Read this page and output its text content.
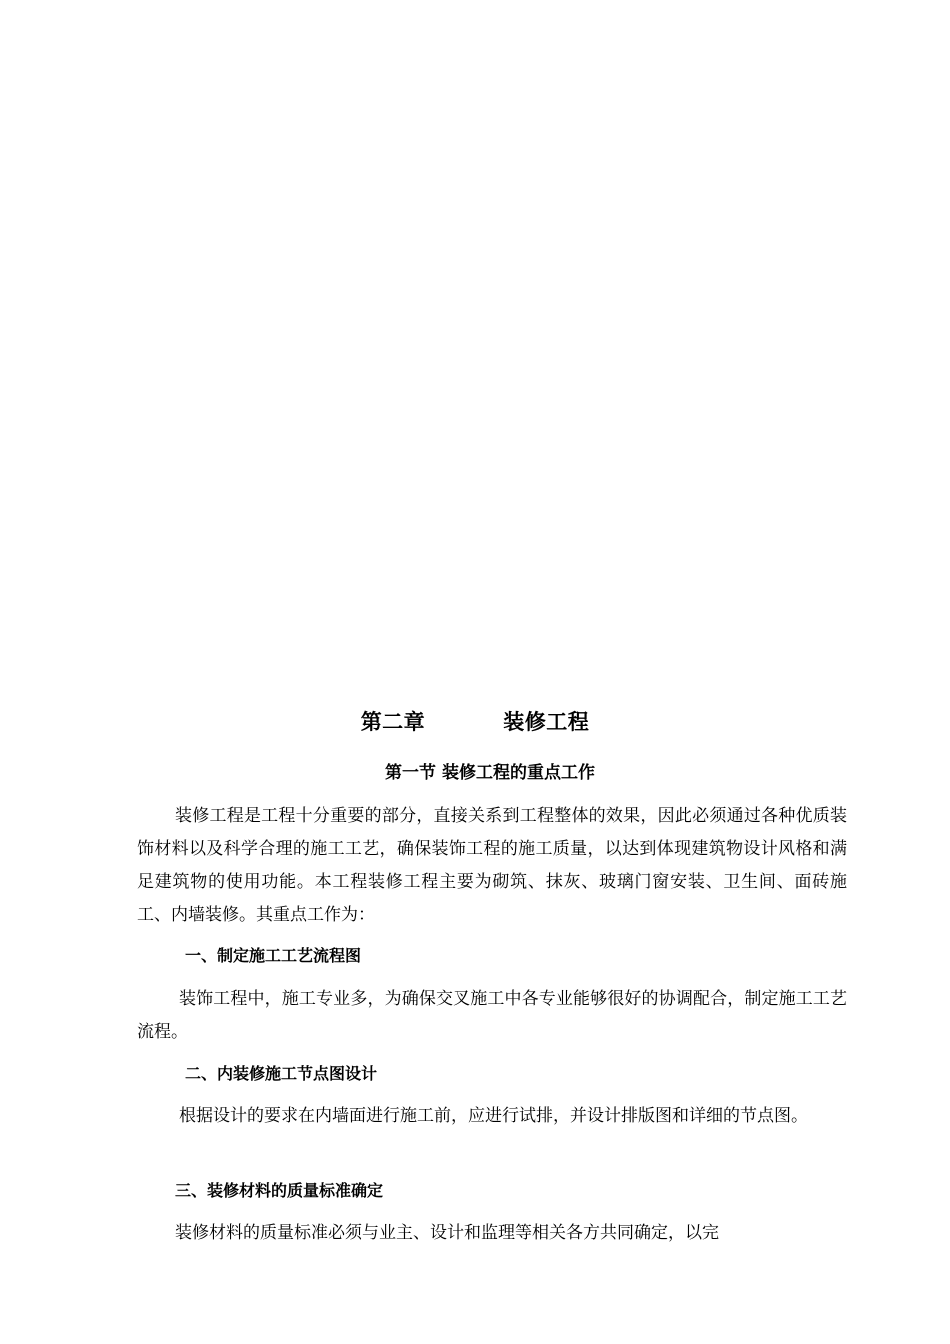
第二章          装修工程
第一节 装修工程的重点工作
装修工程是工程十分重要的部分，直接关系到工程整体的效果，因此必须通过各种优质装饰材料以及科学合理的施工工艺，确保装饰工程的施工质量，以达到体现建筑物设计风格和满足建筑物的使用功能。本工程装修工程主要为砌筑、抹灰、玻璃门窗安装、卫生间、面砖施工、内墙装修。其重点工作为：
一、制定施工工艺流程图
装饰工程中，施工专业多，为确保交叉施工中各专业能够很好的协调配合，制定施工工艺流程。
二、内装修施工节点图设计
根据设计的要求在内墙面进行施工前，应进行试排，并设计排版图和详细的节点图。
三、装修材料的质量标准确定
装修材料的质量标准必须与业主、设计和监理等相关各方共同确定，以完
